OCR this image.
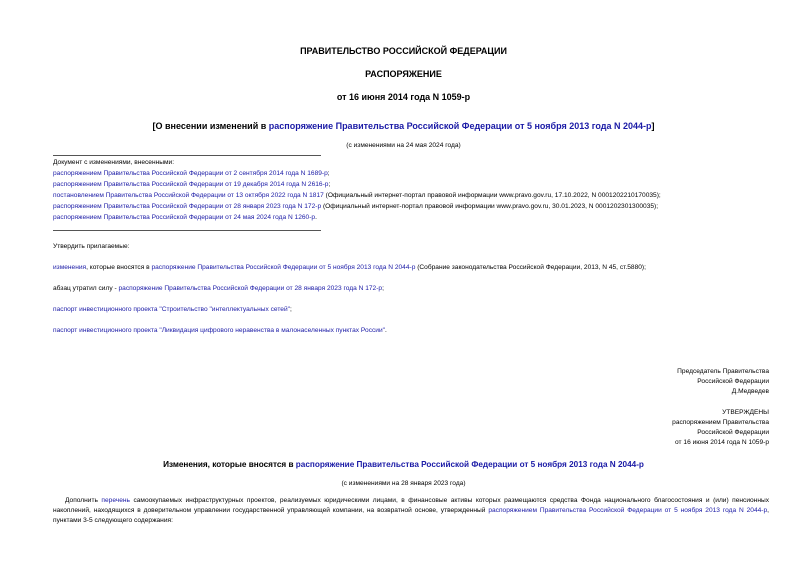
ПРАВИТЕЛЬСТВО РОССИЙСКОЙ ФЕДЕРАЦИИ
РАСПОРЯЖЕНИЕ
от 16 июня 2014 года N 1059-р
[О внесении изменений в распоряжение Правительства Российской Федерации от 5 ноября 2013 года N 2044-р]
(с изменениями на 24 мая 2024 года)
Документ с изменениями, внесенными:
распоряжением Правительства Российской Федерации от 2 сентября 2014 года N 1689-р;
распоряжением Правительства Российской Федерации от 19 декабря 2014 года N 2616-р;
постановлением Правительства Российской Федерации от 13 октября 2022 года N 1817 (Официальный интернет-портал правовой информации www.pravo.gov.ru, 17.10.2022, N 0001202210170035);
распоряжением Правительства Российской Федерации от 28 января 2023 года N 172-р (Официальный интернет-портал правовой информации www.pravo.gov.ru, 30.01.2023, N 0001202301300035);
распоряжением Правительства Российской Федерации от 24 мая 2024 года N 1260-р.
Утвердить прилагаемые:
изменения, которые вносятся в распоряжение Правительства Российской Федерации от 5 ноября 2013 года N 2044-р (Собрание законодательства Российской Федерации, 2013, N 45, ст.5880);
абзац утратил силу - распоряжение Правительства Российской Федерации от 28 января 2023 года N 172-р;
паспорт инвестиционного проекта "Строительство "интеллектуальных сетей";
паспорт инвестиционного проекта "Ликвидация цифрового неравенства в малонаселенных пунктах России".
Председатель Правительства
Российской Федерации
Д.Медведев
УТВЕРЖДЕНЫ
распоряжением Правительства
Российской Федерации
от 16 июня 2014 года N 1059-р
Изменения, которые вносятся в распоряжение Правительства Российской Федерации от 5 ноября 2013 года N 2044-р
(с изменениями на 28 января 2023 года)
Дополнить перечень самоокупаемых инфраструктурных проектов, реализуемых юридическими лицами, в финансовые активы которых размещаются средства Фонда национального благосостояния и (или) пенсионных накоплений, находящихся в доверительном управлении государственной управляющей компании, на возвратной основе, утвержденный распоряжением Правительства Российской Федерации от 5 ноября 2013 года N 2044-р, пунктами 3-5 следующего содержания:
